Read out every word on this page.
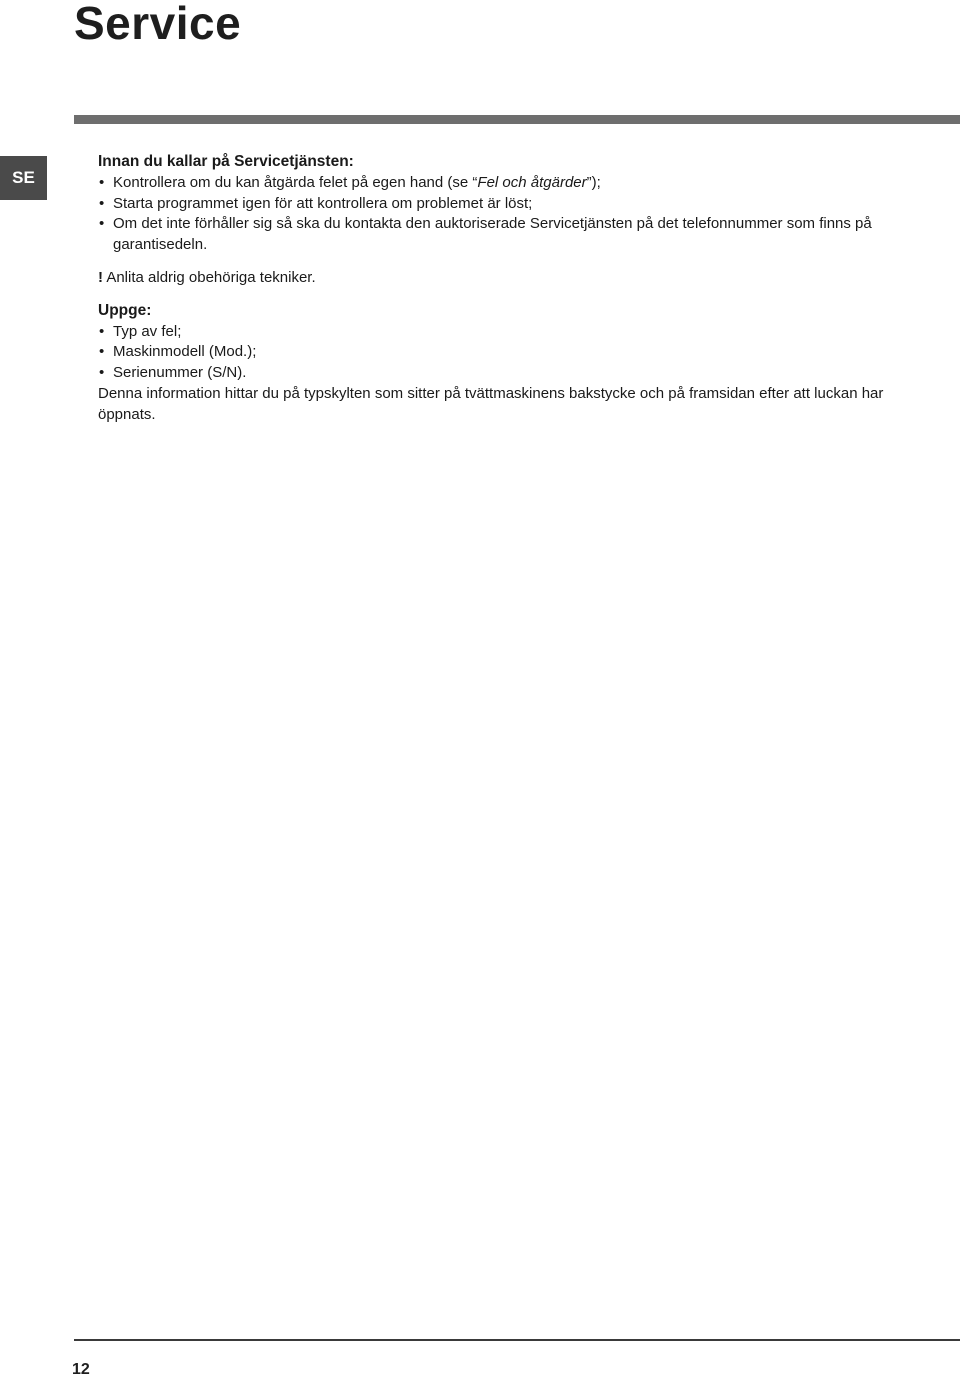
Service
SE

Innan du kallar på Servicetjänsten:

• Kontrollera om du kan åtgärda felet på egen hand (se “Fel och åtgärder”);
• Starta programmet igen för att kontrollera om problemet är löst;
• Om det inte förhåller sig så ska du kontakta den auktoriserade Servicetjänsten på det telefonnummer som finns på garantisedeln.

! Anlita aldrig obehöriga tekniker.

Uppge:

• Typ av fel;
• Maskinmodell (Mod.);
• Serienummer (S/N).

Denna information hittar du på typskylten som sitter på tvättmaskinens bakstycke och på framsidan efter att luckan har öppnats.

12
